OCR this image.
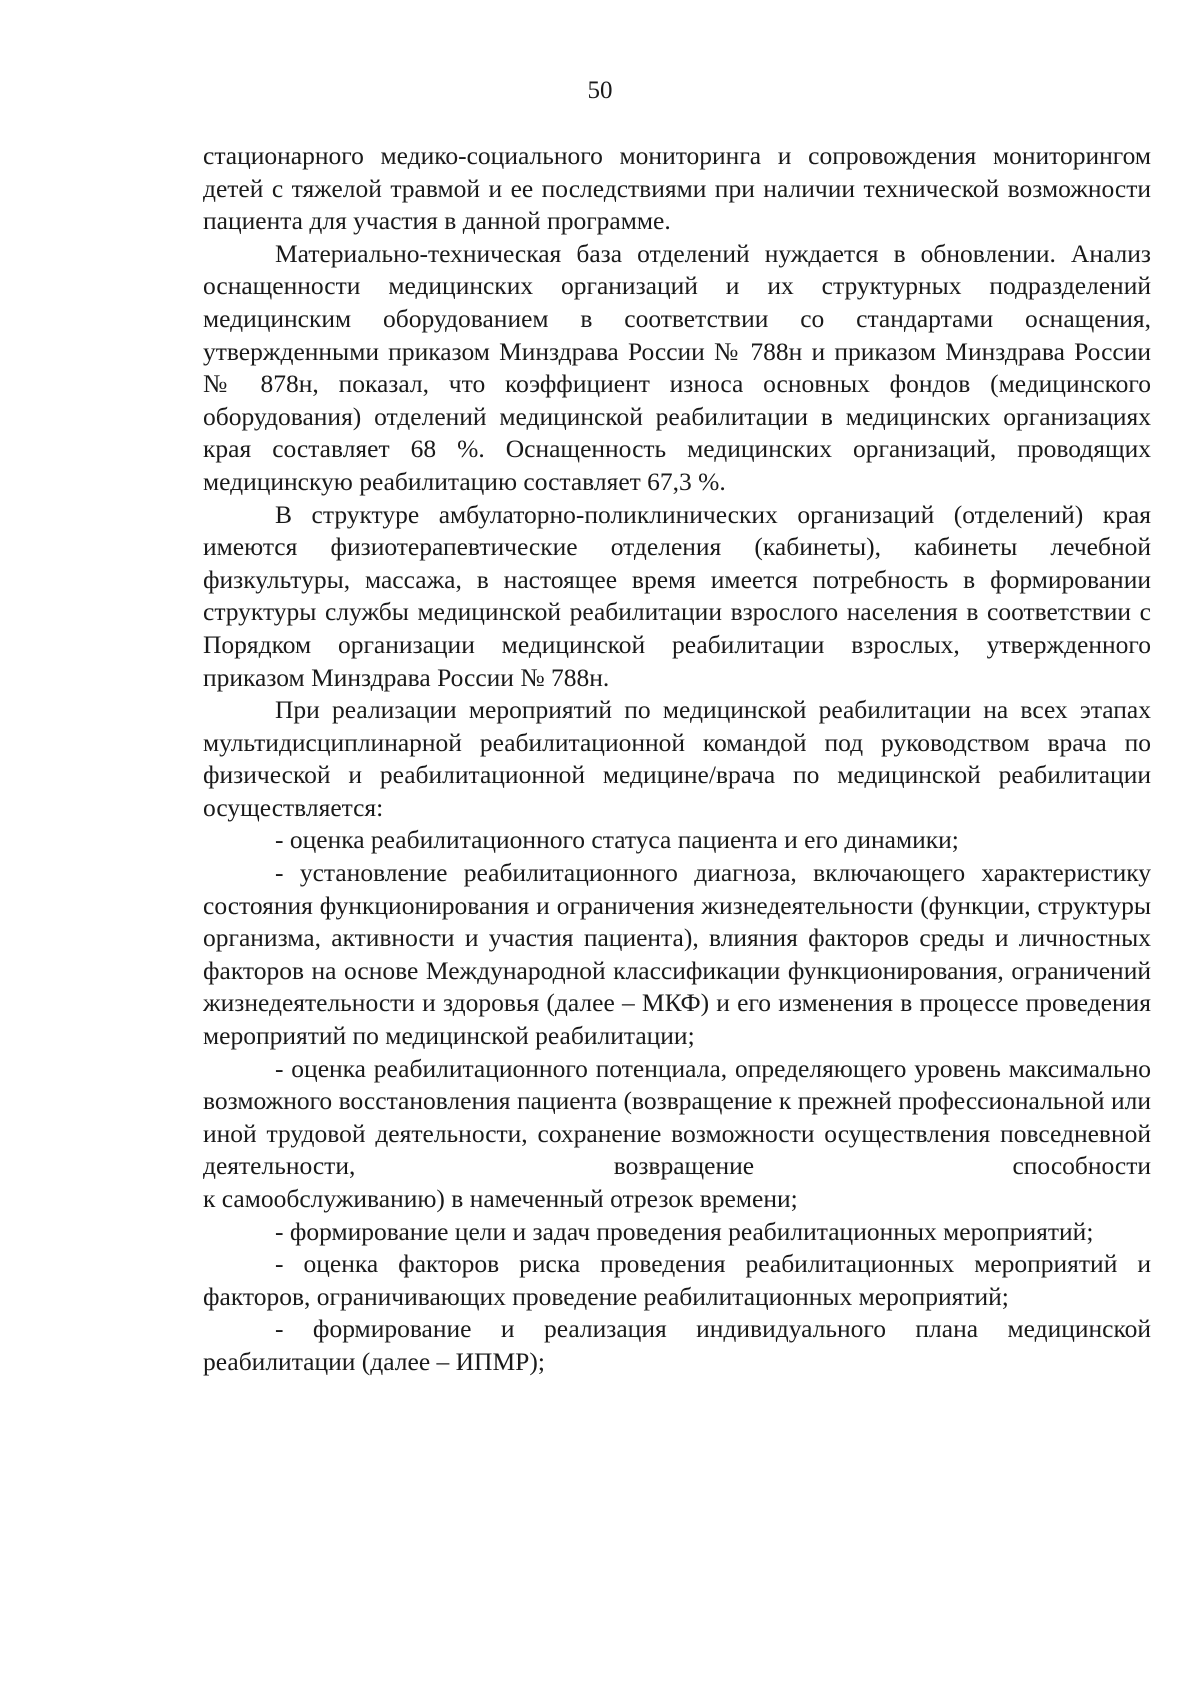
50

стационарного медико-социального мониторинга и сопровождения мониторингом детей с тяжелой травмой и ее последствиями при наличии технической возможности пациента для участия в данной программе.

Материально-техническая база отделений нуждается в обновлении. Анализ оснащенности медицинских организаций и их структурных подразделений медицинским оборудованием в соответствии со стандартами оснащения, утвержденными приказом Минздрава России № 788н и приказом Минздрава России № 878н, показал, что коэффициент износа основных фондов (медицинского оборудования) отделений медицинской реабилитации в медицинских организациях края составляет 68 %. Оснащенность медицинских организаций, проводящих медицинскую реабилитацию составляет 67,3 %.

В структуре амбулаторно-поликлинических организаций (отделений) края имеются физиотерапевтические отделения (кабинеты), кабинеты лечебной физкультуры, массажа, в настоящее время имеется потребность в формировании структуры службы медицинской реабилитации взрослого населения в соответствии с Порядком организации медицинской реабилитации взрослых, утвержденного приказом Минздрава России № 788н.

При реализации мероприятий по медицинской реабилитации на всех этапах мультидисциплинарной реабилитационной командой под руководством врача по физической и реабилитационной медицине/врача по медицинской реабилитации осуществляется:

- оценка реабилитационного статуса пациента и его динамики;

- установление реабилитационного диагноза, включающего характеристику состояния функционирования и ограничения жизнедеятельности (функции, структуры организма, активности и участия пациента), влияния факторов среды и личностных факторов на основе Международной классификации функционирования, ограничений жизнедеятельности и здоровья (далее – МКФ) и его изменения в процессе проведения мероприятий по медицинской реабилитации;

- оценка реабилитационного потенциала, определяющего уровень максимально возможного восстановления пациента (возвращение к прежней профессиональной или иной трудовой деятельности, сохранение возможности осуществления повседневной деятельности, возвращение способности

к самообслуживанию) в намеченный отрезок времени;

- формирование цели и задач проведения реабилитационных мероприятий;

- оценка факторов риска проведения реабилитационных мероприятий и факторов, ограничивающих проведение реабилитационных мероприятий;

- формирование и реализация индивидуального плана медицинской реабилитации (далее – ИПМР);
